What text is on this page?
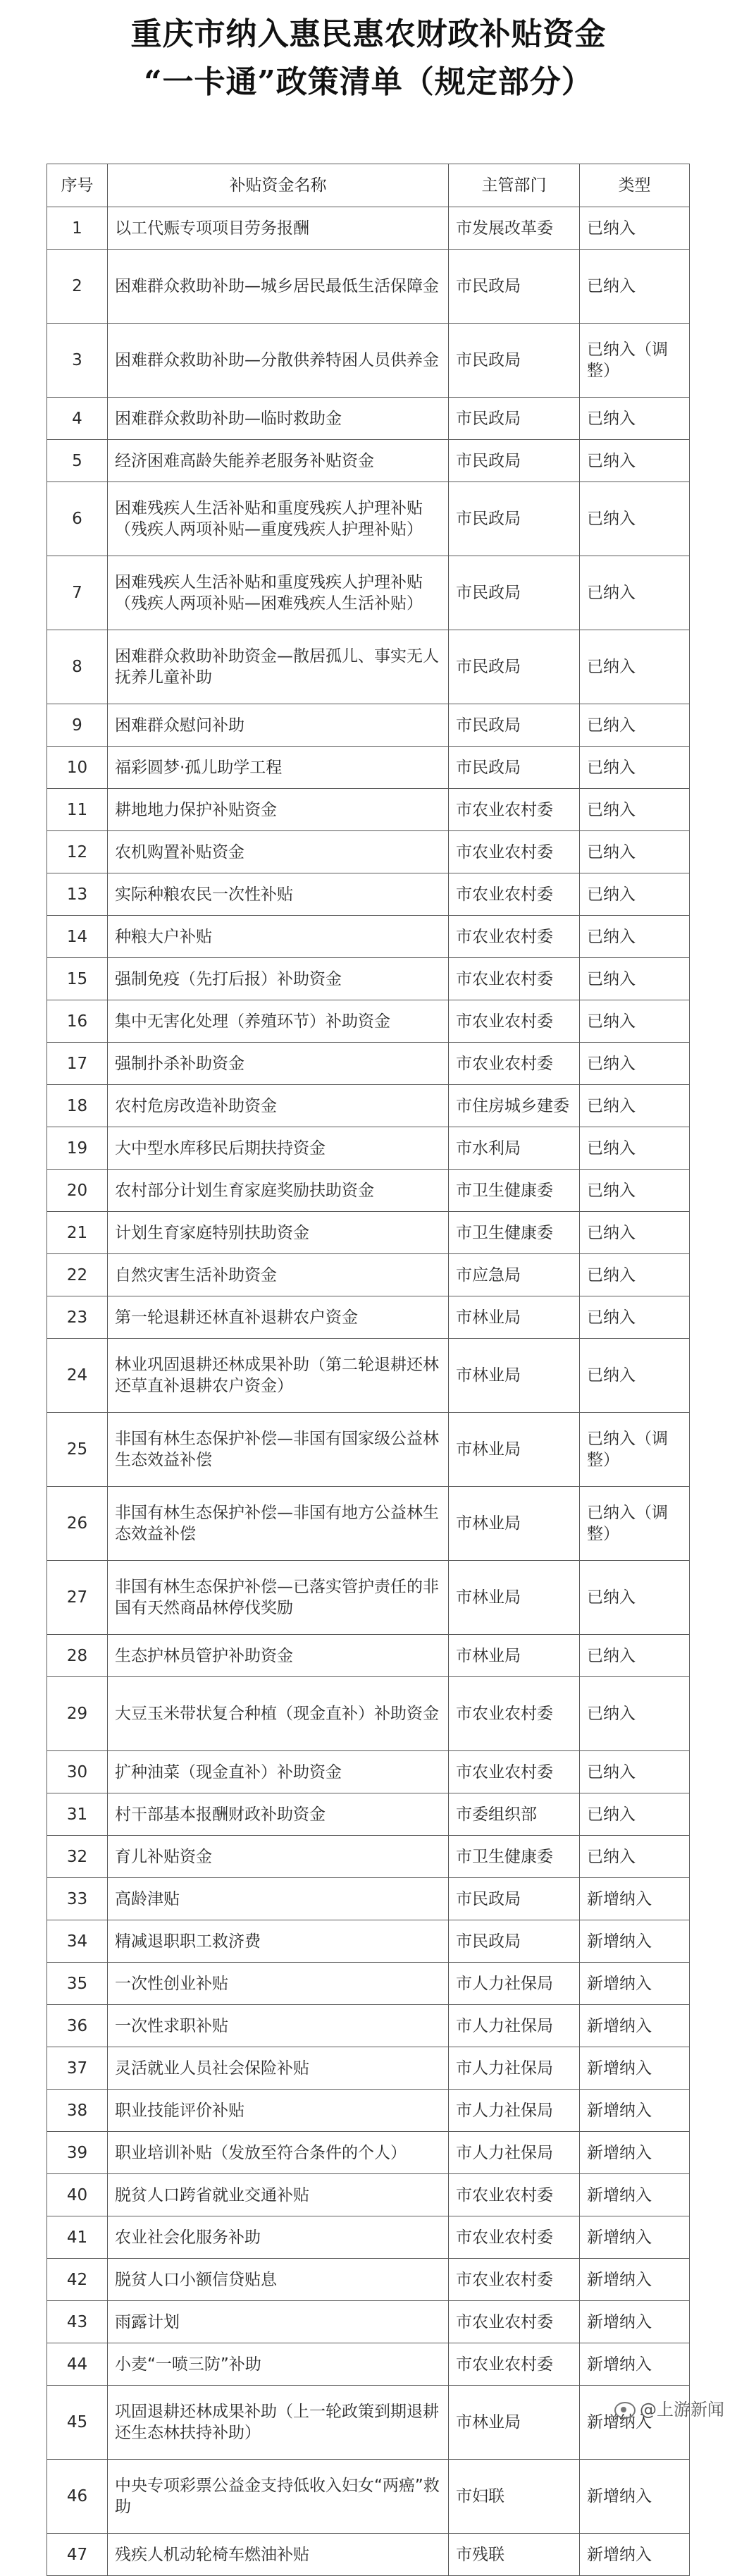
重庆市纳入惠民惠农财政补贴资金
“一卡通”政策清单（规定部分）
序号	补贴资金名称	主管部门	类型
1	以工代赈专项项目劳务报酬	市发展改革委	已纳入
2	困难群众救助补助—城乡居民最低生活保障金	市民政局	已纳入
3	困难群众救助补助—分散供养特困人员供养金	市民政局	已纳入（调整）
4	困难群众救助补助—临时救助金	市民政局	已纳入
5	经济困难高龄失能养老服务补贴资金	市民政局	已纳入
6	困难残疾人生活补贴和重度残疾人护理补贴（残疾人两项补贴—重度残疾人护理补贴）	市民政局	已纳入
7	困难残疾人生活补贴和重度残疾人护理补贴（残疾人两项补贴—困难残疾人生活补贴）	市民政局	已纳入
8	困难群众救助补助资金—散居孤儿、事实无人抚养儿童补助	市民政局	已纳入
9	困难群众慰问补助	市民政局	已纳入
10	福彩圆梦·孤儿助学工程	市民政局	已纳入
11	耕地地力保护补贴资金	市农业农村委	已纳入
12	农机购置补贴资金	市农业农村委	已纳入
13	实际种粮农民一次性补贴	市农业农村委	已纳入
14	种粮大户补贴	市农业农村委	已纳入
15	强制免疫（先打后报）补助资金	市农业农村委	已纳入
16	集中无害化处理（养殖环节）补助资金	市农业农村委	已纳入
17	强制扑杀补助资金	市农业农村委	已纳入
18	农村危房改造补助资金	市住房城乡建委	已纳入
19	大中型水库移民后期扶持资金	市水利局	已纳入
20	农村部分计划生育家庭奖励扶助资金	市卫生健康委	已纳入
21	计划生育家庭特别扶助资金	市卫生健康委	已纳入
22	自然灾害生活补助资金	市应急局	已纳入
23	第一轮退耕还林直补退耕农户资金	市林业局	已纳入
24	林业巩固退耕还林成果补助（第二轮退耕还林还草直补退耕农户资金）	市林业局	已纳入
25	非国有林生态保护补偿—非国有国家级公益林生态效益补偿	市林业局	已纳入（调整）
26	非国有林生态保护补偿—非国有地方公益林生态效益补偿	市林业局	已纳入（调整）
27	非国有林生态保护补偿—已落实管护责任的非国有天然商品林停伐奖励	市林业局	已纳入
28	生态护林员管护补助资金	市林业局	已纳入
29	大豆玉米带状复合种植（现金直补）补助资金	市农业农村委	已纳入
30	扩种油菜（现金直补）补助资金	市农业农村委	已纳入
31	村干部基本报酬财政补助资金	市委组织部	已纳入
32	育儿补贴资金	市卫生健康委	已纳入
33	高龄津贴	市民政局	新增纳入
34	精减退职职工救济费	市民政局	新增纳入
35	一次性创业补贴	市人力社保局	新增纳入
36	一次性求职补贴	市人力社保局	新增纳入
37	灵活就业人员社会保险补贴	市人力社保局	新增纳入
38	职业技能评价补贴	市人力社保局	新增纳入
39	职业培训补贴（发放至符合条件的个人）	市人力社保局	新增纳入
40	脱贫人口跨省就业交通补贴	市农业农村委	新增纳入
41	农业社会化服务补助	市农业农村委	新增纳入
42	脱贫人口小额信贷贴息	市农业农村委	新增纳入
43	雨露计划	市农业农村委	新增纳入
44	小麦“一喷三防”补助	市农业农村委	新增纳入
45	巩固退耕还林成果补助（上一轮政策到期退耕还生态林扶持补助）	市林业局	新增纳入
46	中央专项彩票公益金支持低收入妇女“两癌”救助	市妇联	新增纳入
47	残疾人机动轮椅车燃油补贴	市残联	新增纳入
@上游新闻
